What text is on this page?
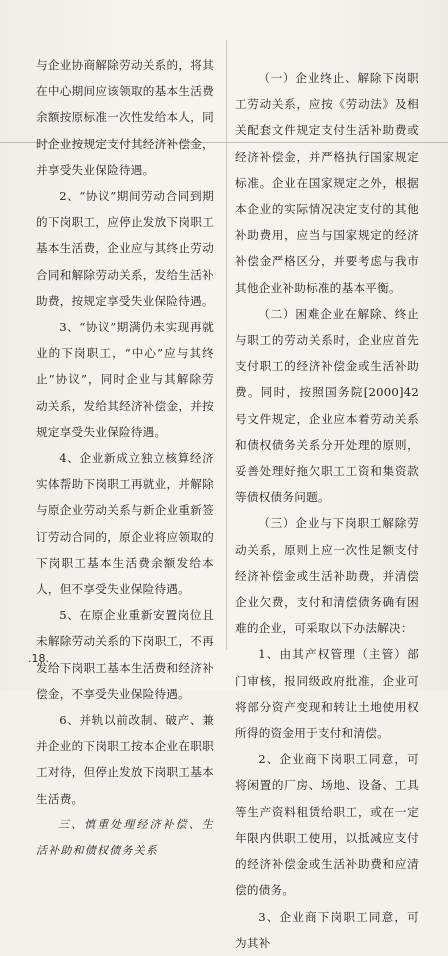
与企业协商解除劳动关系的，将其在中心期间应该领取的基本生活费余额按原标准一次性发给本人，同时企业按规定支付其经济补偿金，并享受失业保险待遇。

2、“协议”期间劳动合同到期的下岗职工，应停止发放下岗职工基本生活费，企业应与其终止劳动合同和解除劳动关系，发给生活补助费，按规定享受失业保险待遇。

3、“协议”期满仍未实现再就业的下岗职工，“中心”应与其终止“协议”，同时企业与其解除劳动关系，发给其经济补偿金，并按规定享受失业保险待遇。

4、企业新成立独立核算经济实体帮助下岗职工再就业，并解除与原企业劳动关系与新企业重新签订劳动合同的，原企业将应领取的下岗职工基本生活费余额发给本人，但不享受失业保险待遇。

5、在原企业重新安置岗位且未解除劳动关系的下岗职工，不再发给下岗职工基本生活费和经济补偿金，不享受失业保险待遇。

6、并轨以前改制、破产、兼并企业的下岗职工按本企业在职职工对待，但停止发放下岗职工基本生活费。

三、慎重处理经济补偿、生活补助和债权债务关系

（一）企业终止、解除下岗职工劳动关系，应按《劳动法》及相关配套文件规定支付生活补助费或经济补偿金，并严格执行国家规定标准。企业在国家规定之外，根据本企业的实际情况决定支付的其他补助费用，应当与国家规定的经济补偿金严格区分，并要考虑与我市其他企业补助标准的基本平衡。

（二）困难企业在解除、终止与职工的劳动关系时，企业应首先支付职工的经济补偿金或生活补助费。同时，按照国务院[2000]42号文件规定，企业应本着劳动关系和债权债务关系分开处理的原则，妥善处理好拖欠职工工资和集资款等债权债务问题。

（三）企业与下岗职工解除劳动关系，原则上应一次性足额支付经济补偿金或生活补助费，并清偿企业欠费，支付和清偿债务确有困难的企业，可采取以下办法解决：

1、由其产权管理（主管）部门审核，报同级政府批准，企业可将部分资产变现和转让土地使用权所得的资金用于支付和清偿。

2、企业商下岗职工同意，可将闲置的厂房、场地、设备、工具等生产资料租赁给职工，或在一定年限内供职工使用，以抵减应支付的经济补偿金或生活补助费和应清偿的债务。

3、企业商下岗职工同意，可为其补

.18.
